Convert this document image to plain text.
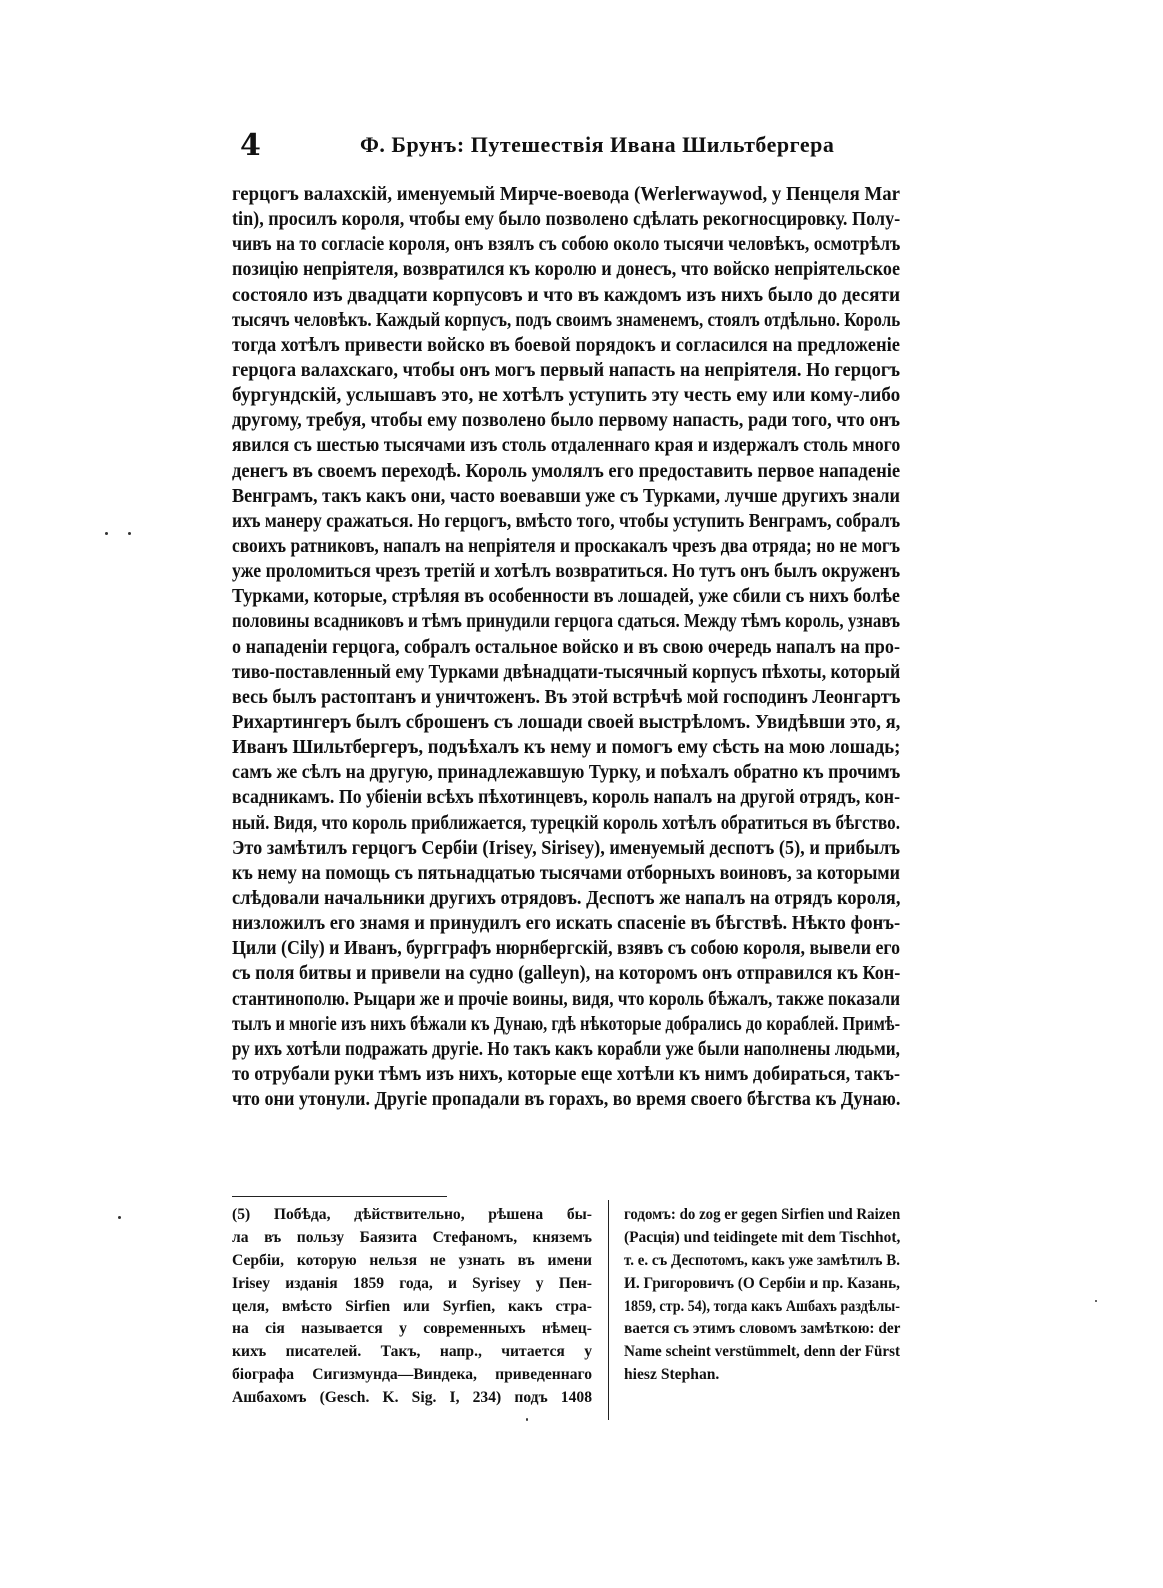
4	Ф. Брунъ: Путешествія Ивана Шильтбергера
герцогъ валахскій, именуемый Мирче-воевода (Werlerwaywod, у Пенцеля Mar
tin), просилъ короля, чтобы ему было позволено сдѣлать рекогносцировку. Полу-
чивъ на то согласіе короля, онъ взялъ съ собою около тысячи человѣкъ, осмотрѣлъ
позицію непріятеля, возвратился къ королю и донесъ, что войско непріятельское
состояло изъ двадцати корпусовъ и что въ каждомъ изъ нихъ было до десяти
тысячъ человѣкъ. Каждый корпусъ, подъ своимъ знаменемъ, стоялъ отдѣльно. Король
тогда хотѣлъ привести войско въ боевой порядокъ и согласился на предложеніе
герцога валахскаго, чтобы онъ могъ первый напасть на непріятеля. Но герцогъ
бургундскій, услышавъ это, не хотѣлъ уступить эту честь ему или кому-либо
другому, требуя, чтобы ему позволено было первому напасть, ради того, что онъ
явился съ шестью тысячами изъ столь отдаленнаго края и издержалъ столь много
денегъ въ своемъ переходѣ. Король умолялъ его предоставить первое нападеніе
Венграмъ, такъ какъ они, часто воевавши уже съ Турками, лучше другихъ знали
ихъ манеру сражаться. Но герцогъ, вмѣсто того, чтобы уступить Венграмъ, собралъ
своихъ ратниковъ, напалъ на непріятеля и проскакалъ чрезъ два отряда; но не могъ
уже проломиться чрезъ третій и хотѣлъ возвратиться. Но тутъ онъ былъ окруженъ
Турками, которые, стрѣляя въ особенности въ лошадей, уже сбили съ нихъ болѣе
половины всадниковъ и тѣмъ принудили герцога сдаться. Между тѣмъ король, узнавъ
о нападеніи герцога, собралъ остальное войско и въ свою очередь напалъ на про-
тиво-поставленный ему Турками двѣнадцати-тысячный корпусъ пѣхоты, который
весь былъ растоптанъ и уничтоженъ. Въ этой встрѣчѣ мой господинъ Леонгартъ
Рихартингеръ былъ сброшенъ съ лошади своей выстрѣломъ. Увидѣвши это, я,
Иванъ Шильтбергеръ, подъѣхалъ къ нему и помогъ ему сѣсть на мою лошадь;
самъ же сѣлъ на другую, принадлежавшую Турку, и поѣхалъ обратно къ прочимъ
всадникамъ. По убіеніи всѣхъ пѣхотинцевъ, король напалъ на другой отрядъ, кон-
ный. Видя, что король приближается, турецкій король хотѣлъ обратиться въ бѣгство.
Это замѣтилъ герцогъ Сербіи (Irisey, Sirisey), именуемый деспотъ (5), и прибылъ
къ нему на помощь съ пятьнадцатью тысячами отборныхъ воиновъ, за которыми
слѣдовали начальники другихъ отрядовъ. Деспотъ же напалъ на отрядъ короля,
низложилъ его знамя и принудилъ его искать спасеніе въ бѣгствѣ. Нѣкто фонъ-
Цили (Cily) и Иванъ, бургграфъ нюрнбергскій, взявъ съ собою короля, вывели его
съ поля битвы и привели на судно (galleyn), на которомъ онъ отправился къ Кон-
стантинополю. Рыцари же и прочіе воины, видя, что король бѣжалъ, также показали
тылъ и многіе изъ нихъ бѣжали къ Дунаю, гдѣ нѣкоторые добрались до кораблей. Примѣ-
ру ихъ хотѣли подражать другіе. Но такъ какъ корабли уже были наполнены людьми,
то отрубали руки тѣмъ изъ нихъ, которые еще хотѣли къ нимъ добираться, такъ-
что они утонули. Другіе пропадали въ горахъ, во время своего бѣгства къ Дунаю.
(5) Побѣда, дѣйствительно, рѣшена бы-
ла въ пользу Баязита Стефаномъ, княземъ
Сербіи, которую нельзя не узнать въ имени
Irisey изданія 1859 года, и Syrisey у Пен-
целя, вмѣсто Sirfien или Syrfien, какъ стра-
на сія называется у современныхъ нѣмец-
кихъ писателей. Такъ, напр., читается у
біографа Сигизмунда—Виндека, приведеннаго
Ашбахомъ (Gesch. K. Sig. I, 234) подъ 1408
годомъ: do zog er gegen Sirfien und Raizen
(Расція) und teidingete mit dem Tischhot,
т. е. съ Деспотомъ, какъ уже замѣтилъ В.
И. Григоровичъ (О Сербіи и пр. Казань,
1859, стр. 54), тогда какъ Ашбахъ раздѣлы-
вается съ этимъ словомъ замѣткою: der
Name scheint verstümmelt, denn der Fürst
hiesz Stephan.
